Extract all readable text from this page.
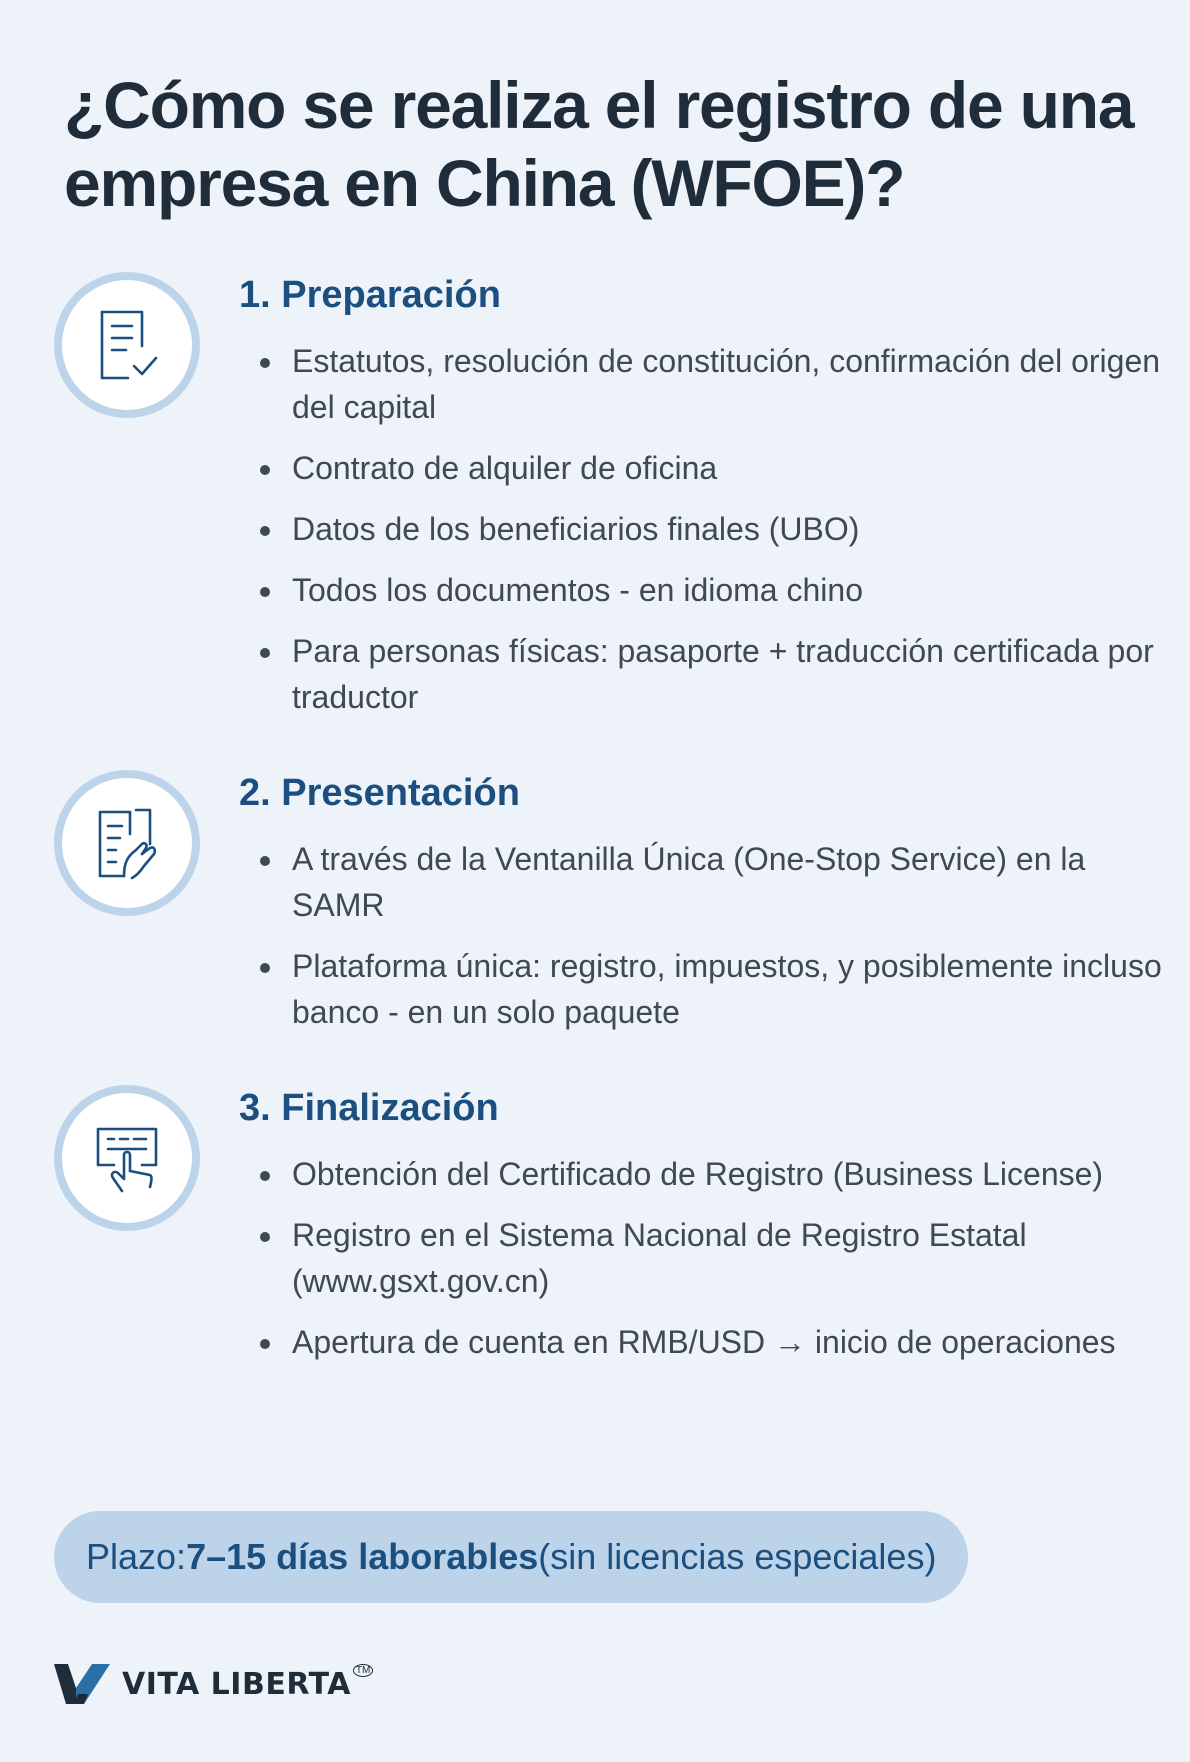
¿Cómo se realiza el registro de una empresa en China (WFOE)?
1. Preparación
Estatutos, resolución de constitución, confirmación del origen del capital
Contrato de alquiler de oficina
Datos de los beneficiarios finales (UBO)
Todos los documentos - en idioma chino
Para personas físicas: pasaporte + traducción certificada por traductor
2. Presentación
A través de la Ventanilla Única (One-Stop Service) en la SAMR
Plataforma única: registro, impuestos, y posiblemente incluso banco - en un solo paquete
3. Finalización
Obtención del Certificado de Registro (Business License)
Registro en el Sistema Nacional de Registro Estatal (www.gsxt.gov.cn)
Apertura de cuenta en RMB/USD → inicio de operaciones
Plazo: 7–15 días laborables (sin licencias especiales)
VITA LIBERTA TM
